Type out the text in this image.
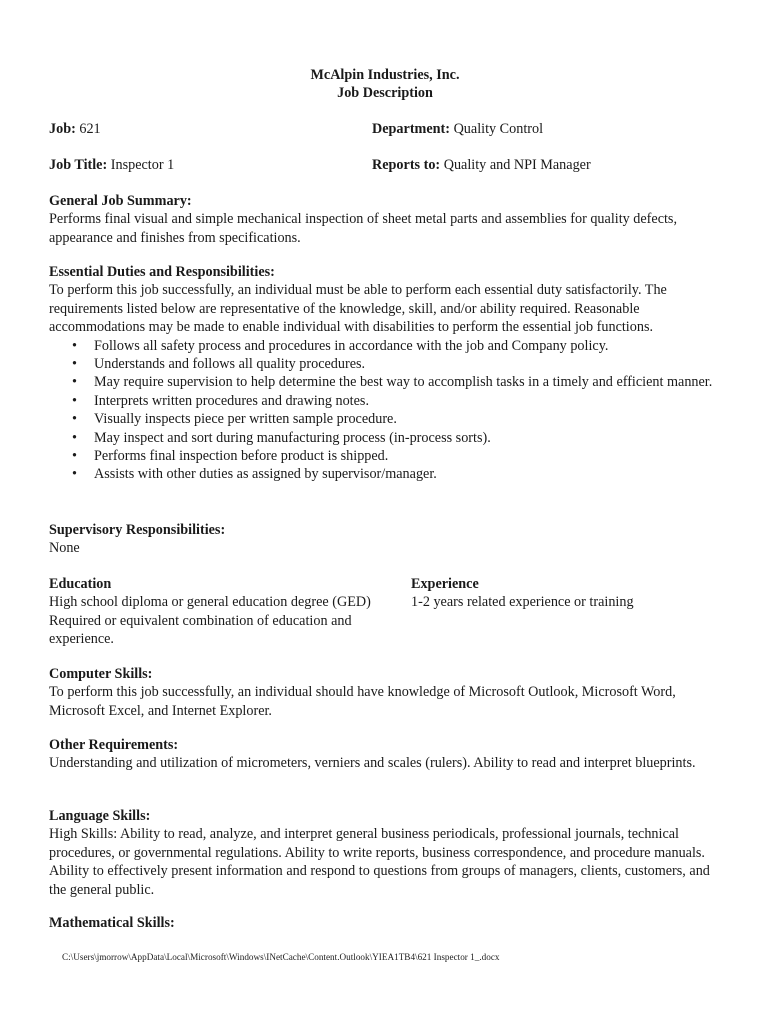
McAlpin Industries, Inc.
Job Description
Job: 621	Department: Quality Control
Job Title: Inspector 1	Reports to: Quality and NPI Manager

General Job Summary:

Performs final visual and simple mechanical inspection of sheet metal parts and assemblies for quality defects, appearance and finishes from specifications.

Essential Duties and Responsibilities:

To perform this job successfully, an individual must be able to perform each essential duty satisfactorily. The requirements listed below are representative of the knowledge, skill, and/or ability required. Reasonable accommodations may be made to enable individual with disabilities to perform the essential job functions.

• Follows all safety process and procedures in accordance with the job and Company policy.
• Understands and follows all quality procedures.
• May require supervision to help determine the best way to accomplish tasks in a timely and efficient manner.
• Interprets written procedures and drawing notes.
• Visually inspects piece per written sample procedure.
• May inspect and sort during manufacturing process (in-process sorts).
• Performs final inspection before product is shipped.
• Assists with other duties as assigned by supervisor/manager.

Supervisory Responsibilities:

None

Education

High school diploma or general education degree (GED) Required or equivalent combination of education and experience.

Experience

1-2 years related experience or training

Computer Skills:

To perform this job successfully, an individual should have knowledge of Microsoft Outlook, Microsoft Word, Microsoft Excel, and Internet Explorer.

Other Requirements:

Understanding and utilization of micrometers, verniers and scales (rulers). Ability to read and interpret blueprints.

Language Skills:

High Skills: Ability to read, analyze, and interpret general business periodicals, professional journals, technical procedures, or governmental regulations. Ability to write reports, business correspondence, and procedure manuals. Ability to effectively present information and respond to questions from groups of managers, clients, customers, and the general public.

Mathematical Skills:

C:\Users\jmorrow\AppData\Local\Microsoft\Windows\INetCache\Content.Outlook\YIEA1TB4\621 Inspector 1_.docx
